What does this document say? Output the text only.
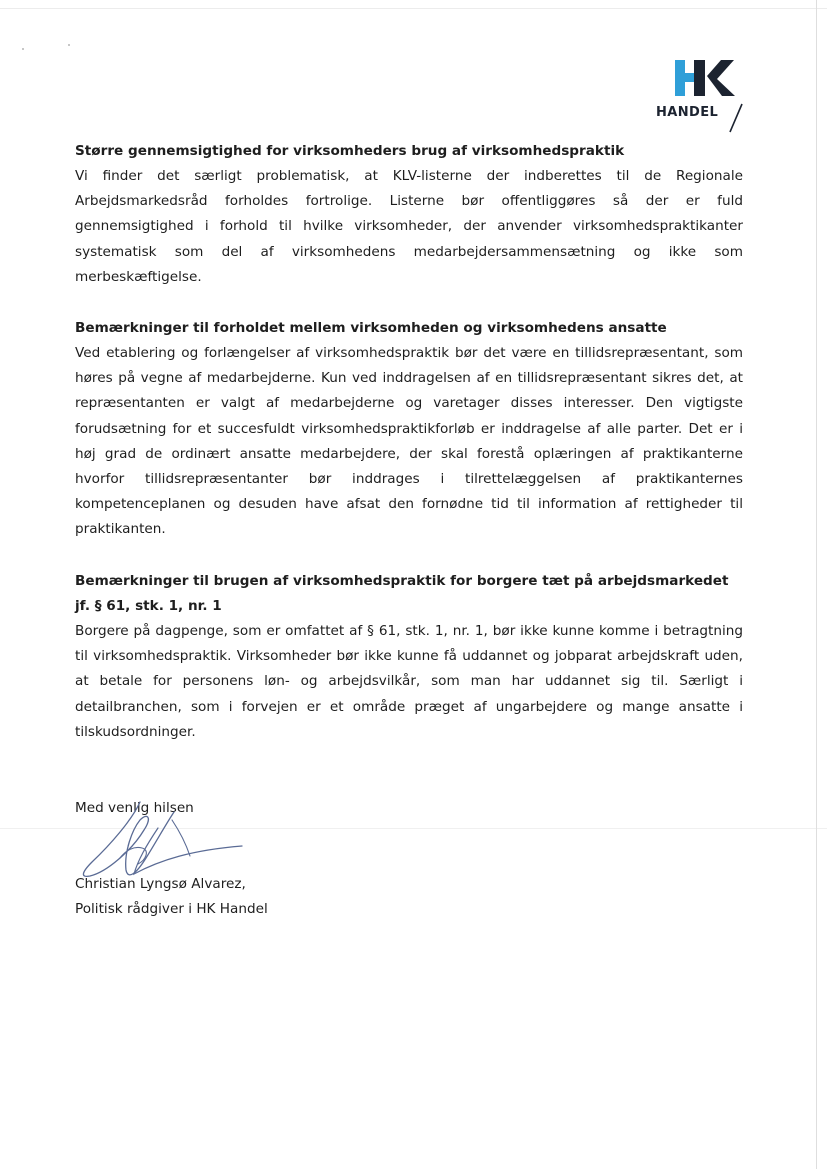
HANDEL

Større gennemsigtighed for virksomheders brug af virksomhedspraktik

Vi finder det særligt problematisk, at KLV-listerne der indberettes til de Regionale Arbejdsmarkedsråd forholdes fortrolige. Listerne bør offentliggøres så der er fuld gennemsigtighed i forhold til hvilke virksomheder, der anvender virksomhedspraktikanter systematisk som del af virksomhedens medarbejdersammensætning og ikke som merbeskæftigelse.

Bemærkninger til forholdet mellem virksomheden og virksomhedens ansatte

Ved etablering og forlængelser af virksomhedspraktik bør det være en tillidsrepræsentant, som høres på vegne af medarbejderne. Kun ved inddragelsen af en tillidsrepræsentant sikres det, at repræsentanten er valgt af medarbejderne og varetager disses interesser. Den vigtigste forudsætning for et succesfuldt virksomhedspraktikforløb er inddragelse af alle parter. Det er i høj grad de ordinært ansatte medarbejdere, der skal forestå oplæringen af praktikanterne hvorfor tillidsrepræsentanter bør inddrages i tilrettelæggelsen af praktikanternes kompetenceplanen og desuden have afsat den fornødne tid til information af rettigheder til praktikanten.

Bemærkninger til brugen af virksomhedspraktik for borgere tæt på arbejdsmarkedet

jf. § 61, stk. 1, nr. 1

Borgere på dagpenge, som er omfattet af § 61, stk. 1, nr. 1, bør ikke kunne komme i betragtning til virksomhedspraktik. Virksomheder bør ikke kunne få uddannet og jobparat arbejdskraft uden, at betale for personens løn- og arbejdsvilkår, som man har uddannet sig til. Særligt i detailbranchen, som i forvejen er et område præget af ungarbejdere og mange ansatte i tilskudsordninger.

Med venlig hilsen

Christian Lyngsø Alvarez,

Politisk rådgiver i HK Handel
